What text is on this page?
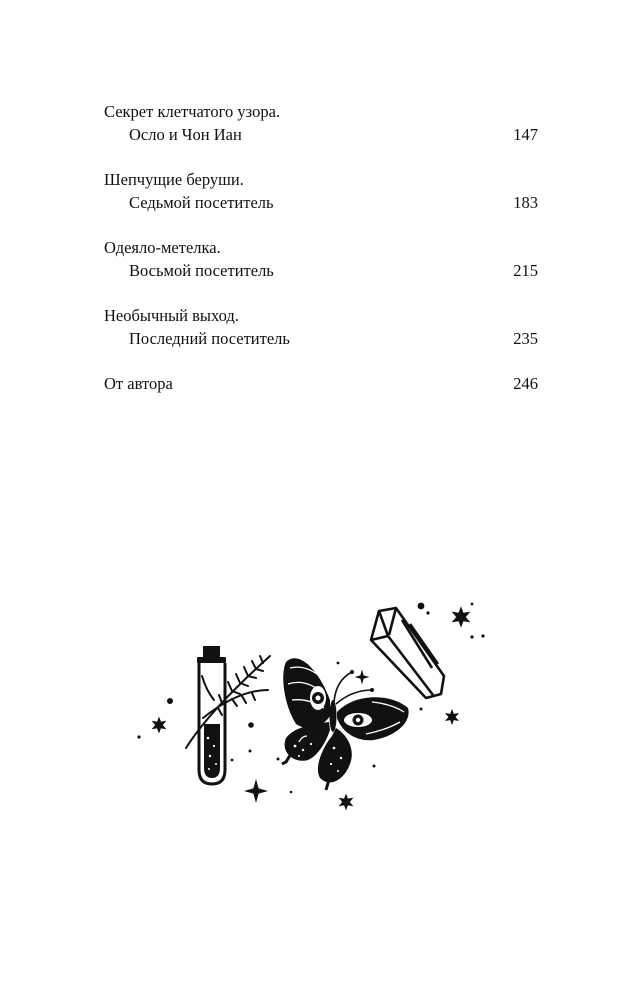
Секрет клетчатого узора.
Осло и Чон Иан	147
Шепчущие беруши.
Седьмой посетитель	183
Одеяло-метелка.
Восьмой посетитель	215
Необычный выход.
Последний посетитель	235
От автора	246
